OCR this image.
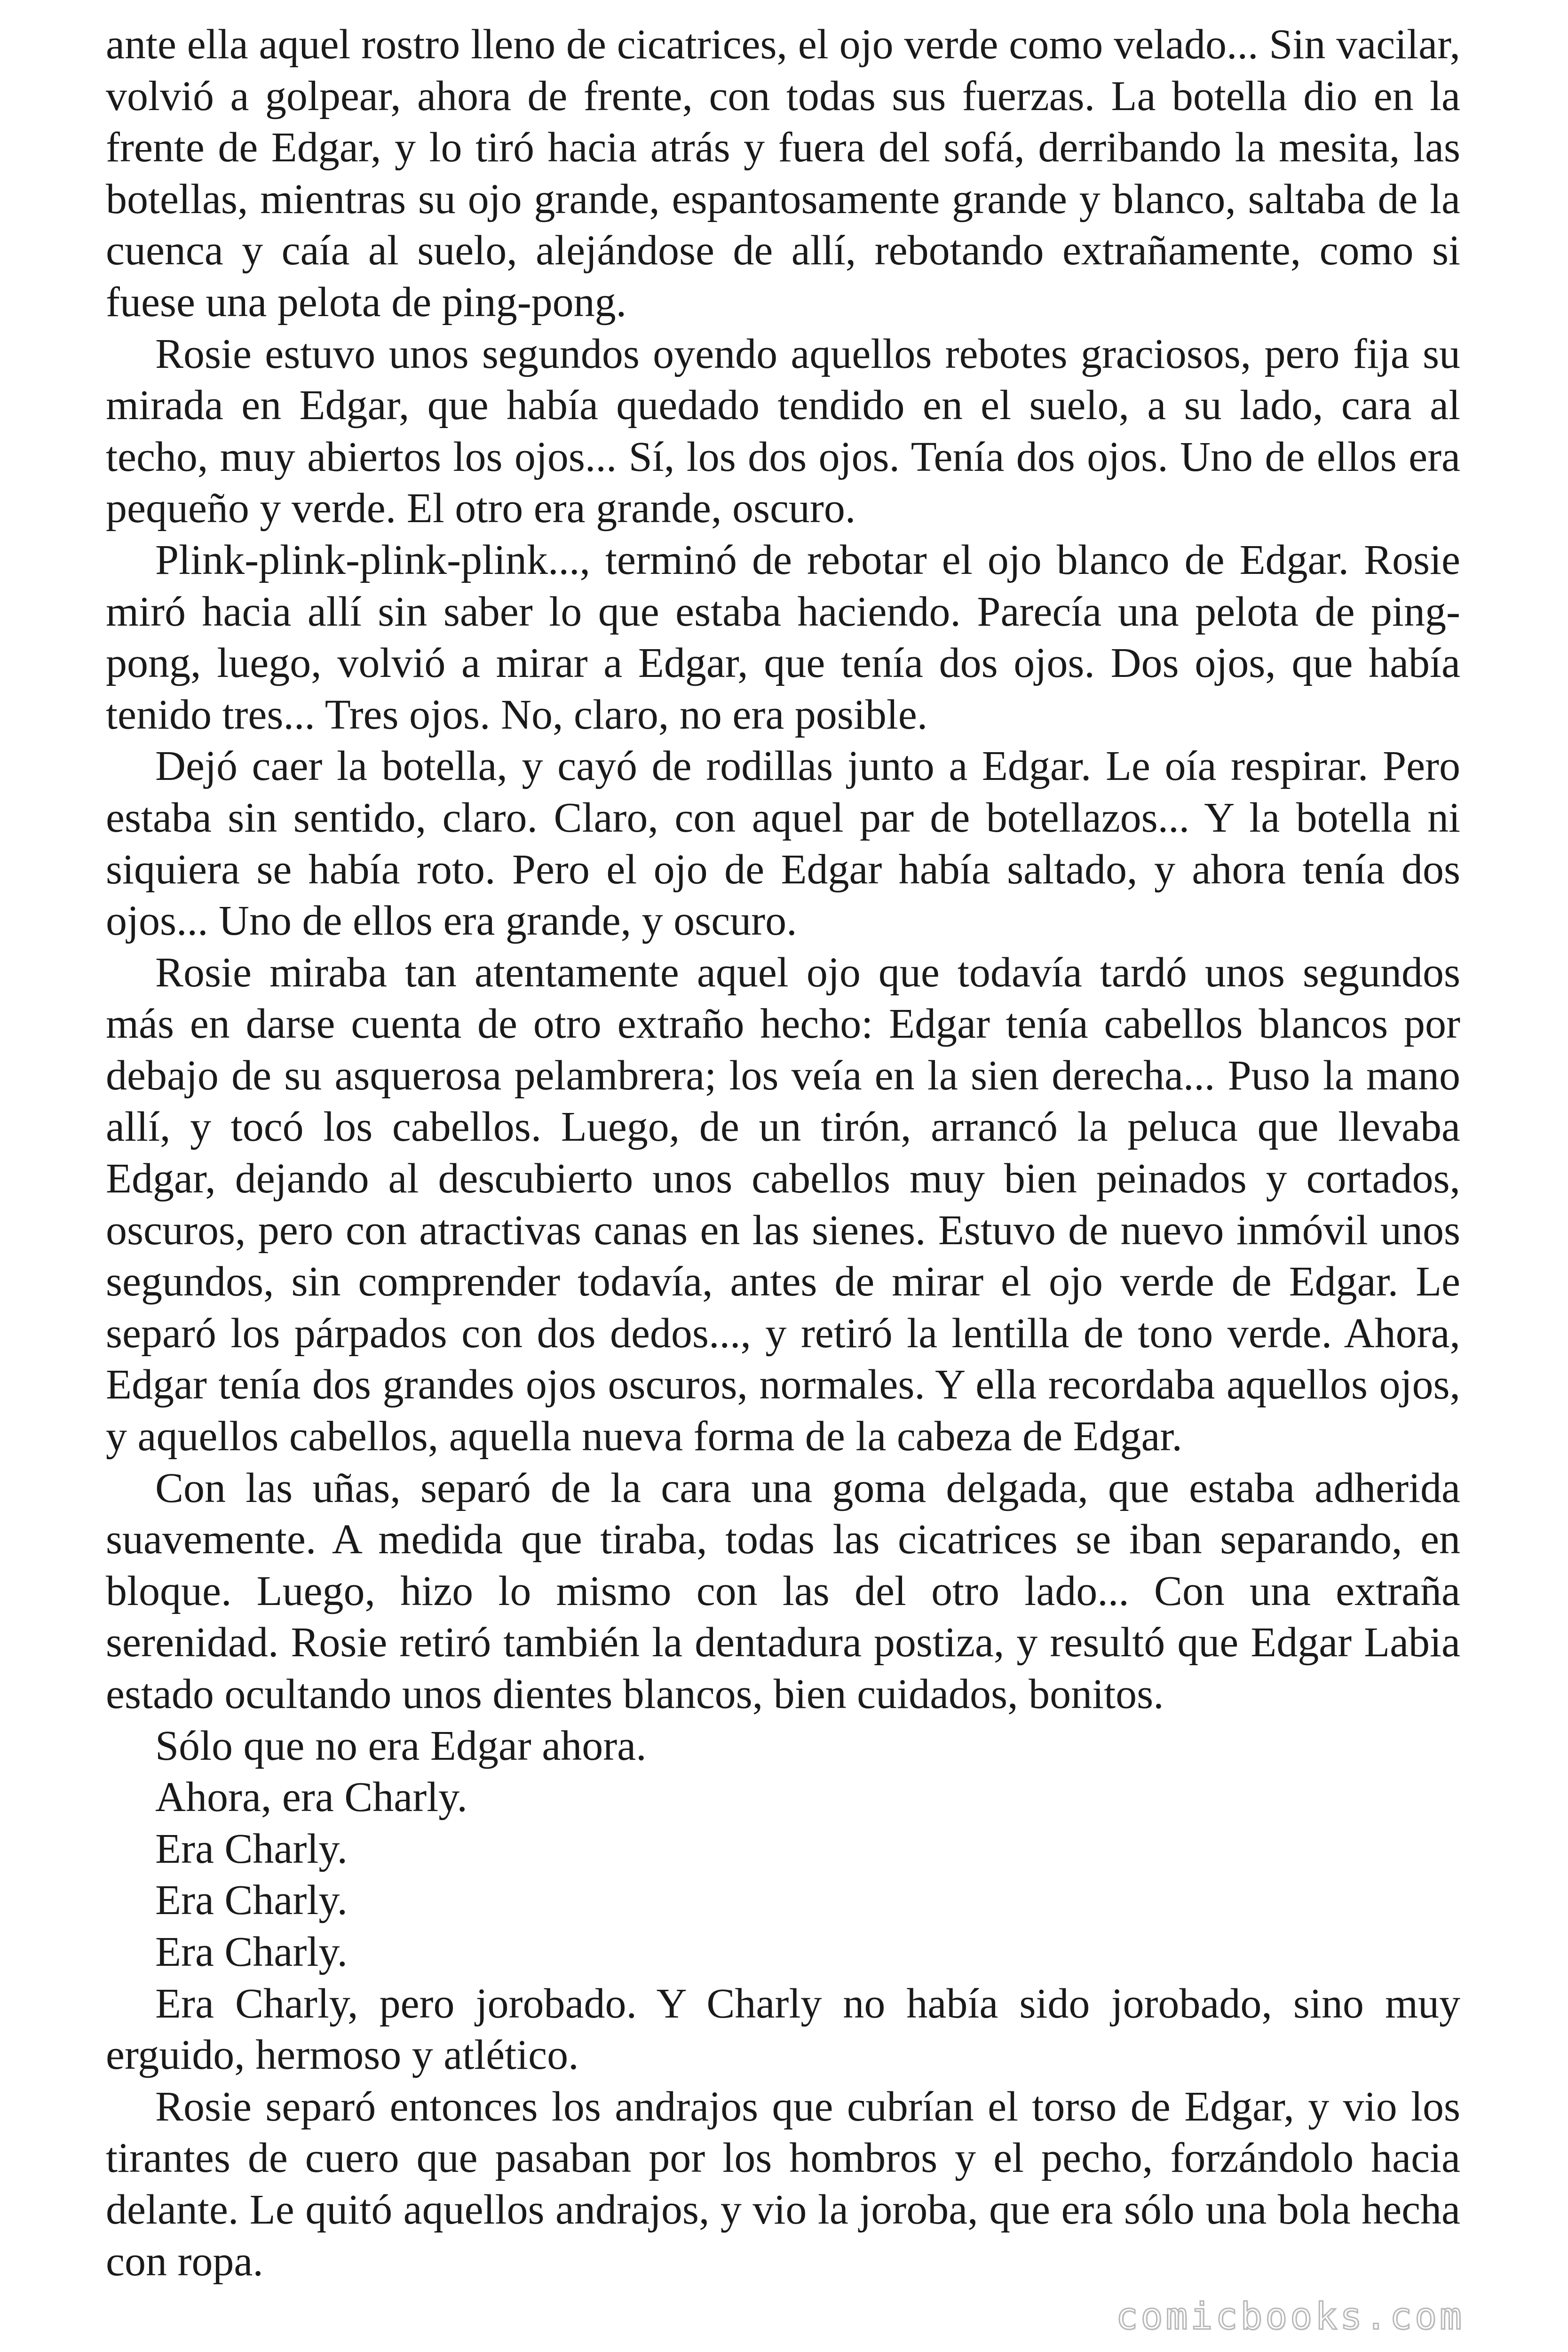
ante ella aquel rostro lleno de cicatrices, el ojo verde como velado... Sin vacilar, volvió a golpear, ahora de frente, con todas sus fuerzas. La botella dio en la frente de Edgar, y lo tiró hacia atrás y fuera del sofá, derribando la mesita, las botellas, mientras su ojo grande, espantosamente grande y blanco, saltaba de la cuenca y caía al suelo, alejándose de allí, rebotando extrañamente, como si fuese una pelota de ping-pong.

Rosie estuvo unos segundos oyendo aquellos rebotes graciosos, pero fija su mirada en Edgar, que había quedado tendido en el suelo, a su lado, cara al techo, muy abiertos los ojos... Sí, los dos ojos. Tenía dos ojos. Uno de ellos era pequeño y verde. El otro era grande, oscuro.

Plink-plink-plink-plink..., terminó de rebotar el ojo blanco de Edgar. Rosie miró hacia allí sin saber lo que estaba haciendo. Parecía una pelota de ping-pong, luego, volvió a mirar a Edgar, que tenía dos ojos. Dos ojos, que había tenido tres... Tres ojos. No, claro, no era posible.

Dejó caer la botella, y cayó de rodillas junto a Edgar. Le oía respirar. Pero estaba sin sentido, claro. Claro, con aquel par de botellazos... Y la botella ni siquiera se había roto. Pero el ojo de Edgar había saltado, y ahora tenía dos ojos... Uno de ellos era grande, y oscuro.

Rosie miraba tan atentamente aquel ojo que todavía tardó unos segundos más en darse cuenta de otro extraño hecho: Edgar tenía cabellos blancos por debajo de su asquerosa pelambrera; los veía en la sien derecha... Puso la mano allí, y tocó los cabellos. Luego, de un tirón, arrancó la peluca que llevaba Edgar, dejando al descubierto unos cabellos muy bien peinados y cortados, oscuros, pero con atractivas canas en las sienes. Estuvo de nuevo inmóvil unos segundos, sin comprender todavía, antes de mirar el ojo verde de Edgar. Le separó los párpados con dos dedos..., y retiró la lentilla de tono verde. Ahora, Edgar tenía dos grandes ojos oscuros, normales. Y ella recordaba aquellos ojos, y aquellos cabellos, aquella nueva forma de la cabeza de Edgar.

Con las uñas, separó de la cara una goma delgada, que estaba adherida suavemente. A medida que tiraba, todas las cicatrices se iban separando, en bloque. Luego, hizo lo mismo con las del otro lado... Con una extraña serenidad. Rosie retiró también la dentadura postiza, y resultó que Edgar Labia estado ocultando unos dientes blancos, bien cuidados, bonitos.

Sólo que no era Edgar ahora.

Ahora, era Charly.

Era Charly.

Era Charly.

Era Charly.

Era Charly, pero jorobado. Y Charly no había sido jorobado, sino muy erguido, hermoso y atlético.

Rosie separó entonces los andrajos que cubrían el torso de Edgar, y vio los tirantes de cuero que pasaban por los hombros y el pecho, forzándolo hacia delante. Le quitó aquellos andrajos, y vio la joroba, que era sólo una bola hecha con ropa.

comicbooks.com
